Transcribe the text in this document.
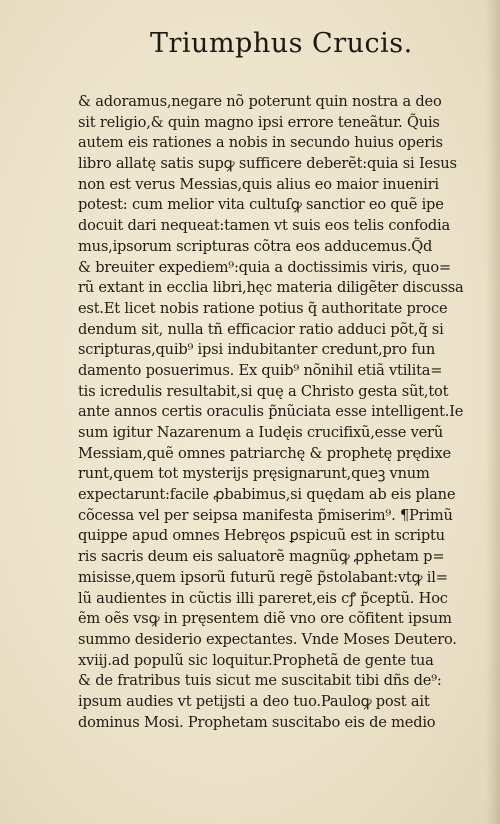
Triumphus Crucis.
& adoramus,negare nõ poterunt quin nostra a deo
sit religio,& quin magno ipsi errore teneãtur. Q̃uis
autem eis rationes a nobis in secundo huius operis
libro allatę satis supꝙ sufficere deberẽt:quia si Iesus
non est verus Messias,quis alius eo maior inueniri
potest: cum melior vita cultuſꝙ sanctior eo quẽ ipe
docuit dari nequeat:tamen vt suis eos telis confodia
mus,ipsorum scripturas cõtra eos adducemus.Q̃d
& breuiter expediem⁹:quia a doctissimis viris, quo=
rũ extant in ecclia libri,hęc materia diligẽter discussa
est.Et licet nobis ratione potius q̃ authoritate proce
dendum sit, nulla tñ efficacior ratio adduci põt,q̃ si
scripturas,quib⁹ ipsi indubitanter credunt,pro fun
damento posuerimus. Ex quib⁹ nõnihil etiã vtilita=
tis icredulis resultabit,si quę a Christo gesta sũt,tot
ante annos certis oraculis p̃nũciata esse intelligent.Ie
sum igitur Nazarenum a Iudęis crucifixũ,esse verũ
Messiam,quẽ omnes patriarchę & prophetę prędixe
runt,quem tot mysterijs pręsignarunt,queꝫ vnum
expectarunt:facile ꝓbabimus,si quędam ab eis plane
cõcessa vel per seipsa manifesta p̃miserim⁹. ¶Primũ
quippe apud omnes Hebręos ꝑspicuũ est in scriptu
ris sacris deum eis saluatorẽ magnũꝙ ꝓphetam p=
misisse,quem ipsorũ futurũ regẽ p̃stolabant:vtꝙ il=
lũ audientes in cũctis illi pareret,eis cꝭ p̃ceptũ. Hoc
ẽm oẽs vsꝙ in pręsentem diẽ vno ore cõfitent ipsum
summo desiderio expectantes. Vnde Moses Deutero.
xviij.ad populũ sic loquitur.Prophetã de gente tua
& de fratribus tuis sicut me suscitabit tibi dñs de⁹:
ipsum audies vt petijsti a deo tuo.Pauloꝙ post ait
dominus Mosi. Prophetam suscitabo eis de medio
